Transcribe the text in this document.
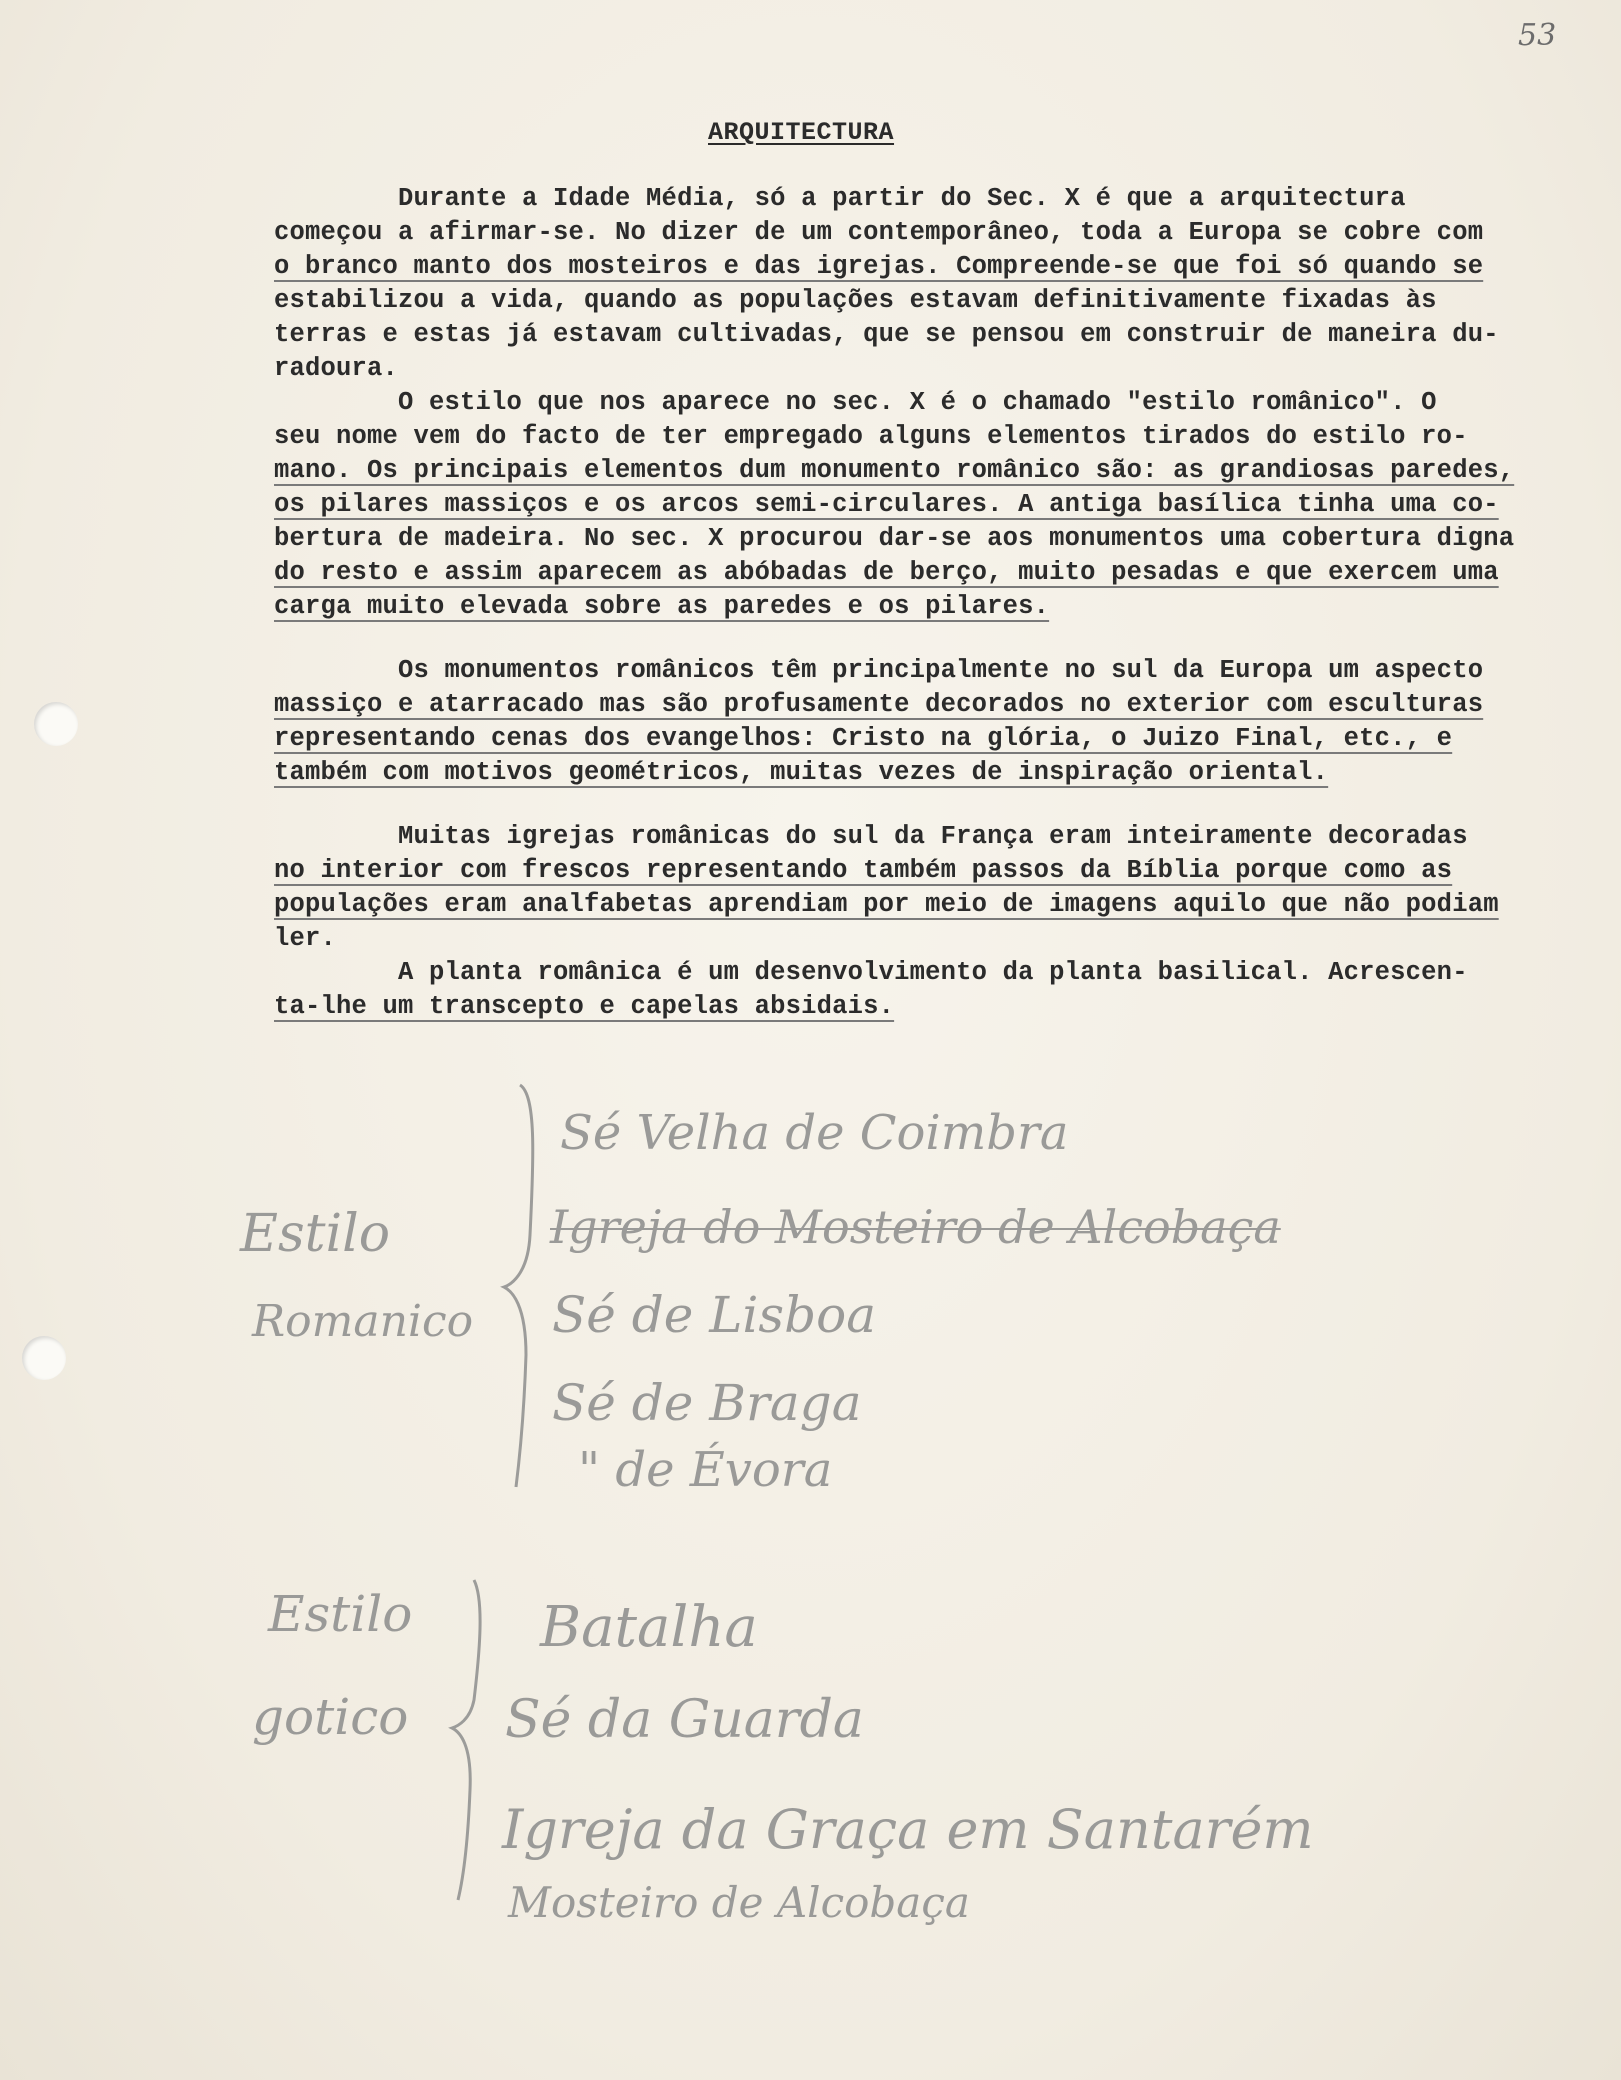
53
ARQUITECTURA
Durante a Idade Média, só a partir do Sec. X é que a arquitectura
começou a afirmar-se. No dizer de um contemporâneo, toda a Europa se cobre com
o branco manto dos mosteiros e das igrejas. Compreende-se que foi só quando se
estabilizou a vida, quando as populações estavam definitivamente fixadas às
terras e estas já estavam cultivadas, que se pensou em construir de maneira du-
radoura.
O estilo que nos aparece no sec. X é o chamado "estilo românico". O
seu nome vem do facto de ter empregado alguns elementos tirados do estilo ro-
mano. Os principais elementos dum monumento românico são: as grandiosas paredes,
os pilares massiços e os arcos semi-circulares. A antiga basílica tinha uma co-
bertura de madeira. No sec. X procurou dar-se aos monumentos uma cobertura digna
do resto e assim aparecem as abóbadas de berço, muito pesadas e que exercem uma
carga muito elevada sobre as paredes e os pilares.
Os monumentos românicos têm principalmente no sul da Europa um aspecto
massiço e atarracado mas são profusamente decorados no exterior com esculturas
representando cenas dos evangelhos: Cristo na glória, o Juizo Final, etc., e
também com motivos geométricos, muitas vezes de inspiração oriental.
Muitas igrejas românicas do sul da França eram inteiramente decoradas
no interior com frescos representando também passos da Bíblia porque como as
populações eram analfabetas aprendiam por meio de imagens aquilo que não podiam
ler.
A planta românica é um desenvolvimento da planta basilical. Acrescen-
ta-lhe um transcepto e capelas absidais.
Estilo
Romanico
Sé Velha de Coimbra
Igreja do Mosteiro de Alcobaça
Sé de Lisboa
Sé de Braga
" de Évora
Estilo
gotico
Batalha
Sé da Guarda
Igreja da Graça em Santarém
Mosteiro de Alcobaça
